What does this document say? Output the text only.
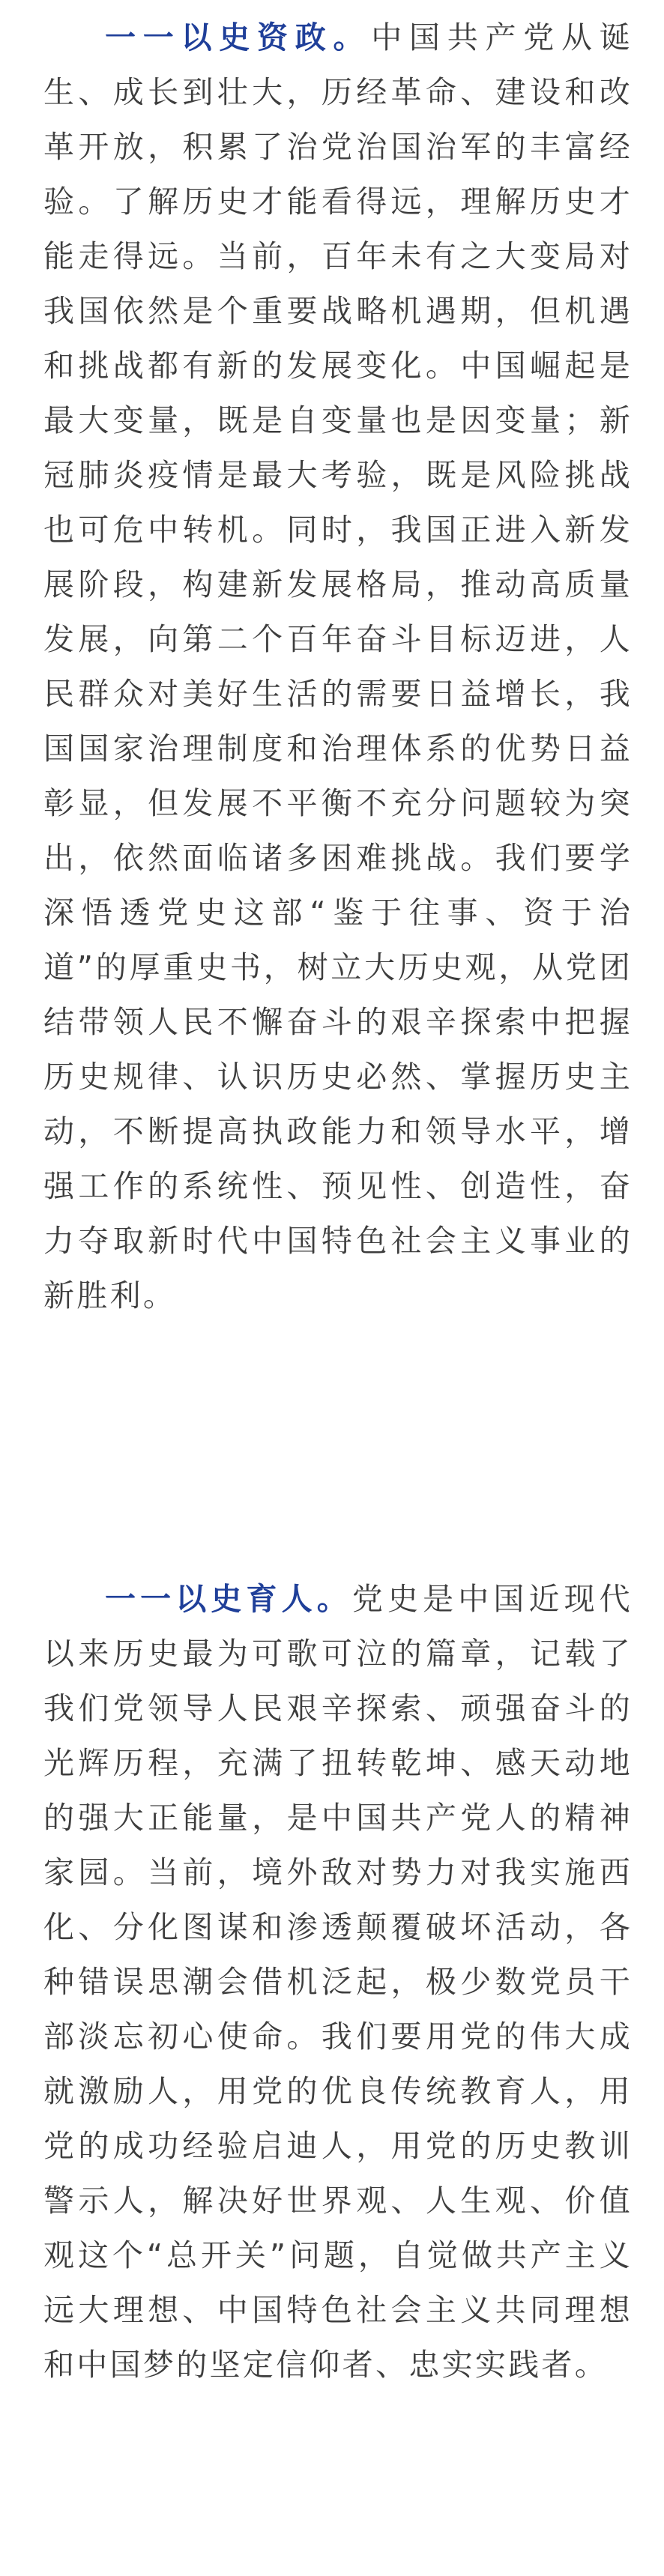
一一以史资政。中国共产党从诞生、成长到壮大，历经革命、建设和改革开放，积累了治党治国治军的丰富经验。了解历史才能看得远，理解历史才能走得远。当前，百年未有之大变局对我国依然是个重要战略机遇期，但机遇和挑战都有新的发展变化。中国崛起是最大变量，既是自变量也是因变量；新冠肺炎疫情是最大考验，既是风险挑战也可危中转机。同时，我国正进入新发展阶段，构建新发展格局，推动高质量发展，向第二个百年奋斗目标迈进，人民群众对美好生活的需要日益增长，我国国家治理制度和治理体系的优势日益彰显，但发展不平衡不充分问题较为突出，依然面临诸多困难挑战。我们要学深悟透党史这部“鉴于往事、资于治道”的厚重史书，树立大历史观，从党团结带领人民不懈奋斗的艰辛探索中把握历史规律、认识历史必然、掌握历史主动，不断提高执政能力和领导水平，增强工作的系统性、预见性、创造性，奋力夺取新时代中国特色社会主义事业的新胜利。

一一以史育人。党史是中国近现代以来历史最为可歌可泣的篇章，记载了我们党领导人民艰辛探索、顽强奋斗的光辉历程，充满了扭转乾坤、感天动地的强大正能量，是中国共产党人的精神家园。当前，境外敌对势力对我实施西化、分化图谋和渗透颠覆破坏活动，各种错误思潮会借机泛起，极少数党员干部淡忘初心使命。我们要用党的伟大成就激励人，用党的优良传统教育人，用党的成功经验启迪人，用党的历史教训警示人，解决好世界观、人生观、价值观这个“总开关”问题，自觉做共产主义远大理想、中国特色社会主义共同理想和中国梦的坚定信仰者、忠实实践者。
